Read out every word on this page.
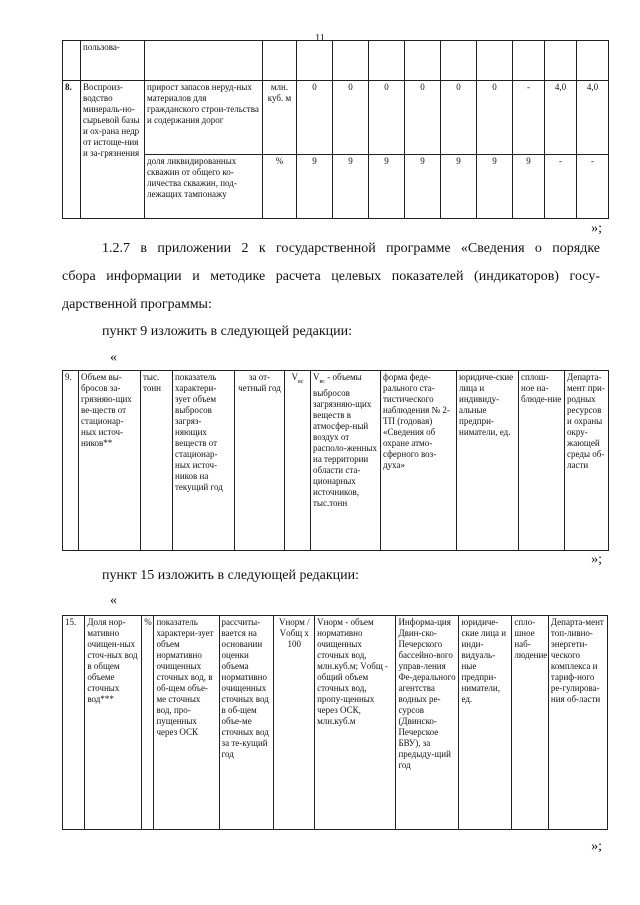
11
	пользова-											
8.	Воспроиз-водство минераль-но-сырьевой базы и ох-рана недр от истоще-ния и за-грязнения	прирост запасов неруд-ных материалов для гражданского строи-тельства и содержания дорог	млн. куб. м	0	0	0	0	0	0	-	4,0	4,0
		доля ликвидированных скважин от общего ко-личества скважин, под-лежащих тампонажу	%	9	9	9	9	9	9	9	-	-
»;
1.2.7 в приложении 2 к государственной программе «Сведения о порядке
сбора информации и методике расчета целевых показателей (индикаторов) госу-
дарственной программы:
пункт 9 изложить в следующей редакции:
«
9.	Объем вы-бросов за-грязняю-щих ве-ществ от стационар-ных источ-ников**	тыс. тонн	показатель характери-зует объем выбросов загряз-няющих веществ от стационар-ных источ-ников на текущий год	за от-четный год	$V_{вс}$	$V_{вс}$ - объемы выбросов загрязняю-щих веществ в атмосфер-ный воздух от располо-женных на территории области ста-ционарных источников, тыс.тонн	форма феде-рального ста-тистического наблюдения № 2-ТП (годовая) «Сведения об охране атмо-сферного воз-духа»	юридиче-ские лица и индивиду-альные предпри-ниматели, ед.	сплош-ное на-блюде-ние	Департа-мент при-родных ресурсов и охраны окру-жающей среды об-ласти
»;
пункт 15 изложить в следующей редакции:
«
15.	Доля нор-мативно очищен-ных сточ-ных вод в общем объеме сточных вод***	%	показатель характери-зует объем нормативно очищенных сточных вод, в об-щем объе-ме сточных вод, про-пущенных через ОСК	рассчиты-вается на основании оценки объема нормативно очищенных сточных вод в об-щем объе-ме сточных вод за те-кущий год	Vнорм / Vобщ x 100	Vнорм - объем нормативно очищенных сточных вод, млн.куб.м; Vобщ - общий объем сточных вод, пропу-щенных через ОСК, млн.куб.м	Информа-ция Двин-ско-Печерского бассейно-вого управ-ления Фе-дерального агентства водных ре-сурсов (Двинско-Печерское БВУ), за предыду-щий год	юридиче-ские лица и инди-видуаль-ные предпри-ниматели, ед.	спло-шное наб-людение	Департа-мент топ-ливно-энергети-ческого комплекса и тариф-ного ре-гулирова-ния об-ласти
»;
